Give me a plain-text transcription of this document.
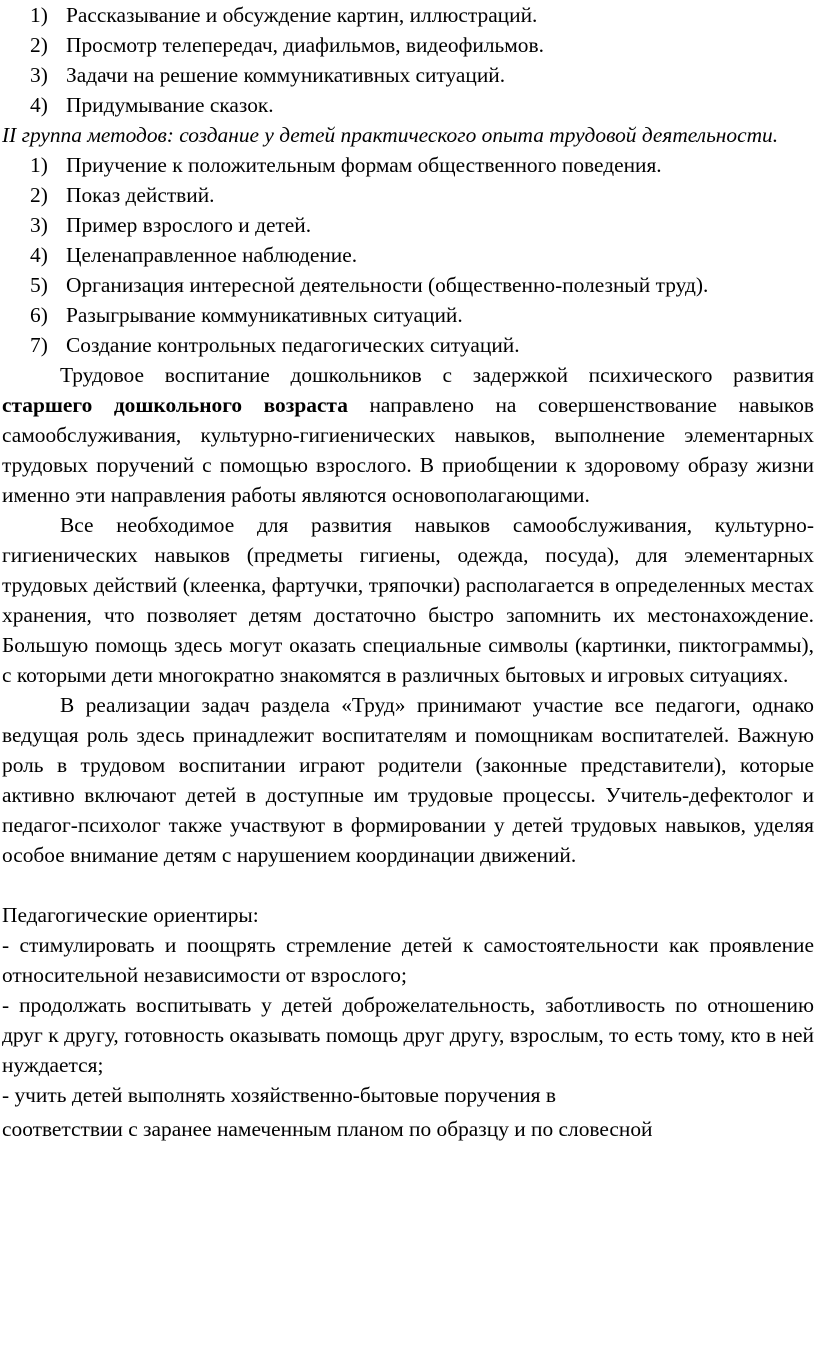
1) Рассказывание и обсуждение картин, иллюстраций.
2) Просмотр телепередач, диафильмов, видеофильмов.
3) Задачи на решение коммуникативных ситуаций.
4) Придумывание сказок.

II группа методов: создание у детей практического опыта трудовой деятельности.

1) Приучение к положительным формам общественного поведения.
2) Показ действий.
3) Пример взрослого и детей.
4) Целенаправленное наблюдение.
5) Организация интересной деятельности (общественно-полезный труд).
6) Разыгрывание коммуникативных ситуаций.
7) Создание контрольных педагогических ситуаций.

Трудовое воспитание дошкольников с задержкой психического развития старшего дошкольного возраста направлено на совершенствование навыков самообслуживания, культурно-гигиенических навыков, выполнение элементарных трудовых поручений с помощью взрослого. В приобщении к здоровому образу жизни именно эти направления работы являются основополагающими.

Все необходимое для развития навыков самообслуживания, культурно-гигиенических навыков (предметы гигиены, одежда, посуда), для элементарных трудовых действий (клеенка, фартучки, тряпочки) располагается в определенных местах хранения, что позволяет детям достаточно быстро запомнить их местонахождение. Большую помощь здесь могут оказать специальные символы (картинки, пиктограммы), с которыми дети многократно знакомятся в различных бытовых и игровых ситуациях.

В реализации задач раздела «Труд» принимают участие все педагоги, однако ведущая роль здесь принадлежит воспитателям и помощникам воспитателей. Важную роль в трудовом воспитании играют родители (законные представители), которые активно включают детей в доступные им трудовые процессы. Учитель-дефектолог и педагог-психолог также участвуют в формировании у детей трудовых навыков, уделяя особое внимание детям с нарушением координации движений.

Педагогические ориентиры:

- стимулировать и поощрять стремление детей к самостоятельности как проявление относительной независимости от взрослого;

- продолжать воспитывать у детей доброжелательность, заботливость по отношению друг к другу, готовность оказывать помощь друг другу, взрослым, то есть тому, кто в ней нуждается;

- учить детей выполнять хозяйственно-бытовые поручения в

соответствии с заранее намеченным планом по образцу и по словесной
